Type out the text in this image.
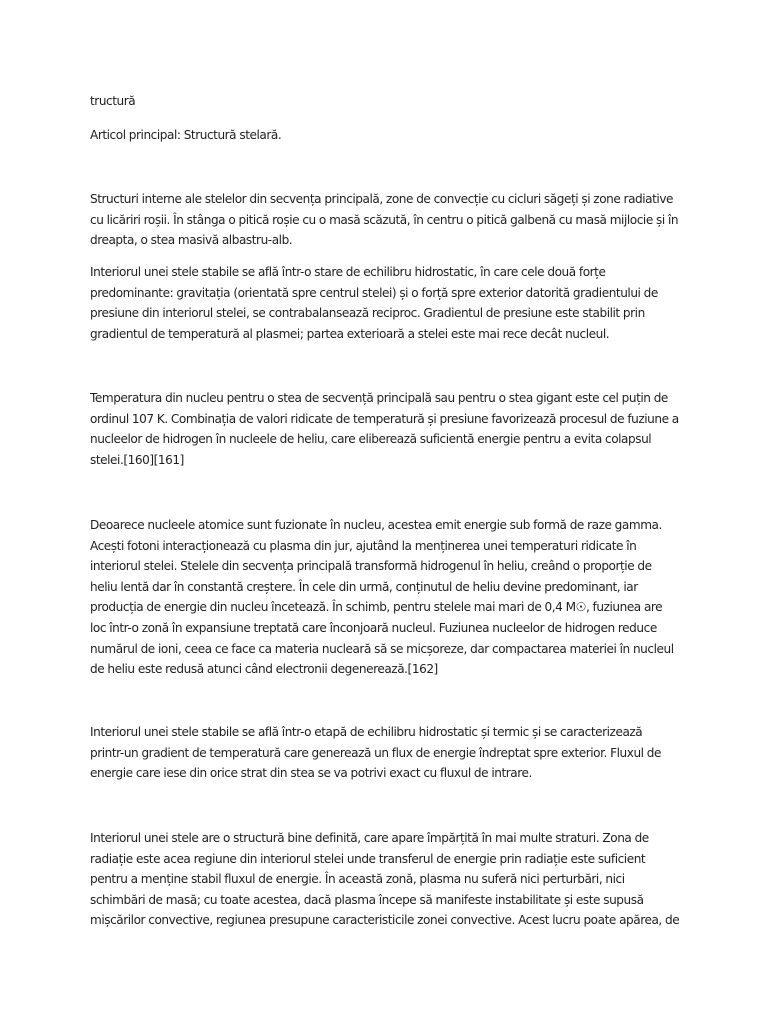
tructură

Articol principal: Structură stelară.

Structuri interne ale stelelor din secvența principală, zone de convecție cu cicluri săgeți și zone radiative
cu licăriri roșii. În stânga o pitică roșie cu o masă scăzută, în centru o pitică galbenă cu masă mijlocie și în
dreapta, o stea masivă albastru-alb.

Interiorul unei stele stabile se află într-o stare de echilibru hidrostatic, în care cele două forțe
predominante: gravitația (orientată spre centrul stelei) și o forță spre exterior datorită gradientului de
presiune din interiorul stelei, se contrabalansează reciproc. Gradientul de presiune este stabilit prin
gradientul de temperatură al plasmei; partea exterioară a stelei este mai rece decât nucleul.

Temperatura din nucleu pentru o stea de secvență principală sau pentru o stea gigant este cel puțin de
ordinul 107 K. Combinația de valori ridicate de temperatură și presiune favorizează procesul de fuziune a
nucleelor de hidrogen în nucleele de heliu, care eliberează suficientă energie pentru a evita colapsul
stelei.[160][161]

Deoarece nucleele atomice sunt fuzionate în nucleu, acestea emit energie sub formă de raze gamma.
Acești fotoni interacționează cu plasma din jur, ajutând la menținerea unei temperaturi ridicate în
interiorul stelei. Stelele din secvența principală transformă hidrogenul în heliu, creând o proporție de
heliu lentă dar în constantă creștere. În cele din urmă, conținutul de heliu devine predominant, iar
producția de energie din nucleu încetează. În schimb, pentru stelele mai mari de 0,4 M☉, fuziunea are
loc într-o zonă în expansiune treptată care înconjoară nucleul. Fuziunea nucleelor de hidrogen reduce
numărul de ioni, ceea ce face ca materia nucleară să se micșoreze, dar compactarea materiei în nucleul
de heliu este redusă atunci când electronii degenerează.[162]

Interiorul unei stele stabile se află într-o etapă de echilibru hidrostatic și termic și se caracterizează
printr-un gradient de temperatură care generează un flux de energie îndreptat spre exterior. Fluxul de
energie care iese din orice strat din stea se va potrivi exact cu fluxul de intrare.

Interiorul unei stele are o structură bine definită, care apare împărțită în mai multe straturi. Zona de
radiație este acea regiune din interiorul stelei unde transferul de energie prin radiație este suficient
pentru a menține stabil fluxul de energie. În această zonă, plasma nu suferă nici perturbări, nici
schimbări de masă; cu toate acestea, dacă plasma începe să manifeste instabilitate și este supusă
mișcărilor convective, regiunea presupune caracteristicile zonei convective. Acest lucru poate apărea, de
